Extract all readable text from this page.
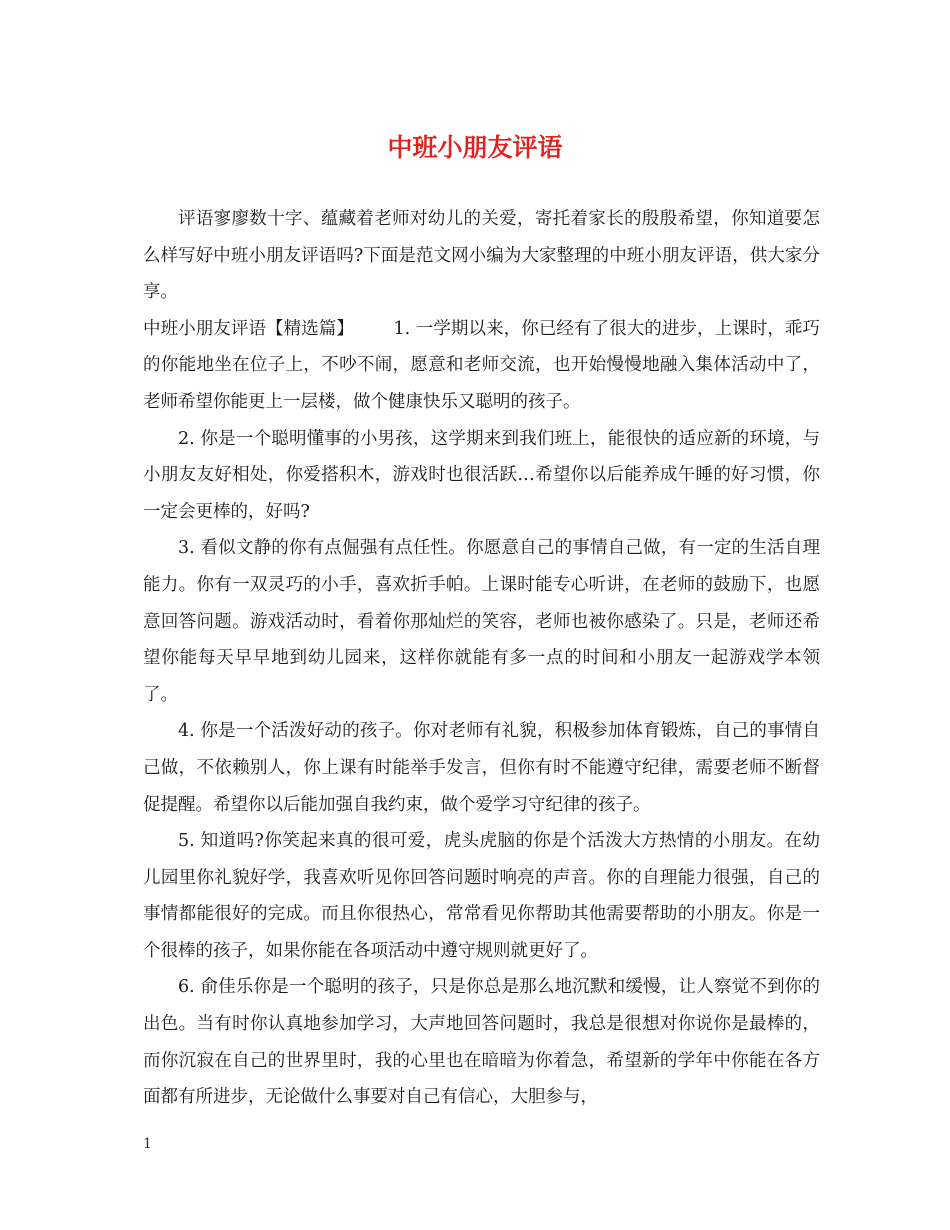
中班小朋友评语

评语寥廖数十字、蕴藏着老师对幼儿的关爱，寄托着家长的殷殷希望，你知道要怎么样写好中班小朋友评语吗?下面是范文网小编为大家整理的中班小朋友评语，供大家分享。

中班小朋友评语【精选篇】 1. 一学期以来，你已经有了很大的进步，上课时，乖巧的你能地坐在位子上，不吵不闹，愿意和老师交流，也开始慢慢地融入集体活动中了，老师希望你能更上一层楼，做个健康快乐又聪明的孩子。

2. 你是一个聪明懂事的小男孩，这学期来到我们班上，能很快的适应新的环境，与小朋友友好相处，你爱搭积木，游戏时也很活跃…希望你以后能养成午睡的好习惯，你一定会更棒的，好吗?

3. 看似文静的你有点倔强有点任性。你愿意自己的事情自己做，有一定的生活自理能力。你有一双灵巧的小手，喜欢折手帕。上课时能专心听讲，在老师的鼓励下，也愿意回答问题。游戏活动时，看着你那灿烂的笑容，老师也被你感染了。只是，老师还希望你能每天早早地到幼儿园来，这样你就能有多一点的时间和小朋友一起游戏学本领了。

4. 你是一个活泼好动的孩子。你对老师有礼貌，积极参加体育锻炼，自己的事情自己做，不依赖别人，你上课有时能举手发言，但你有时不能遵守纪律，需要老师不断督促提醒。希望你以后能加强自我约束，做个爱学习守纪律的孩子。

5. 知道吗?你笑起来真的很可爱，虎头虎脑的你是个活泼大方热情的小朋友。在幼儿园里你礼貌好学，我喜欢听见你回答问题时响亮的声音。你的自理能力很强，自己的事情都能很好的完成。而且你很热心，常常看见你帮助其他需要帮助的小朋友。你是一个很棒的孩子，如果你能在各项活动中遵守规则就更好了。

6. 俞佳乐你是一个聪明的孩子，只是你总是那么地沉默和缓慢，让人察觉不到你的出色。当有时你认真地参加学习，大声地回答问题时，我总是很想对你说你是最棒的，而你沉寂在自己的世界里时，我的心里也在暗暗为你着急，希望新的学年中你能在各方面都有所进步，无论做什么事要对自己有信心，大胆参与，

1
